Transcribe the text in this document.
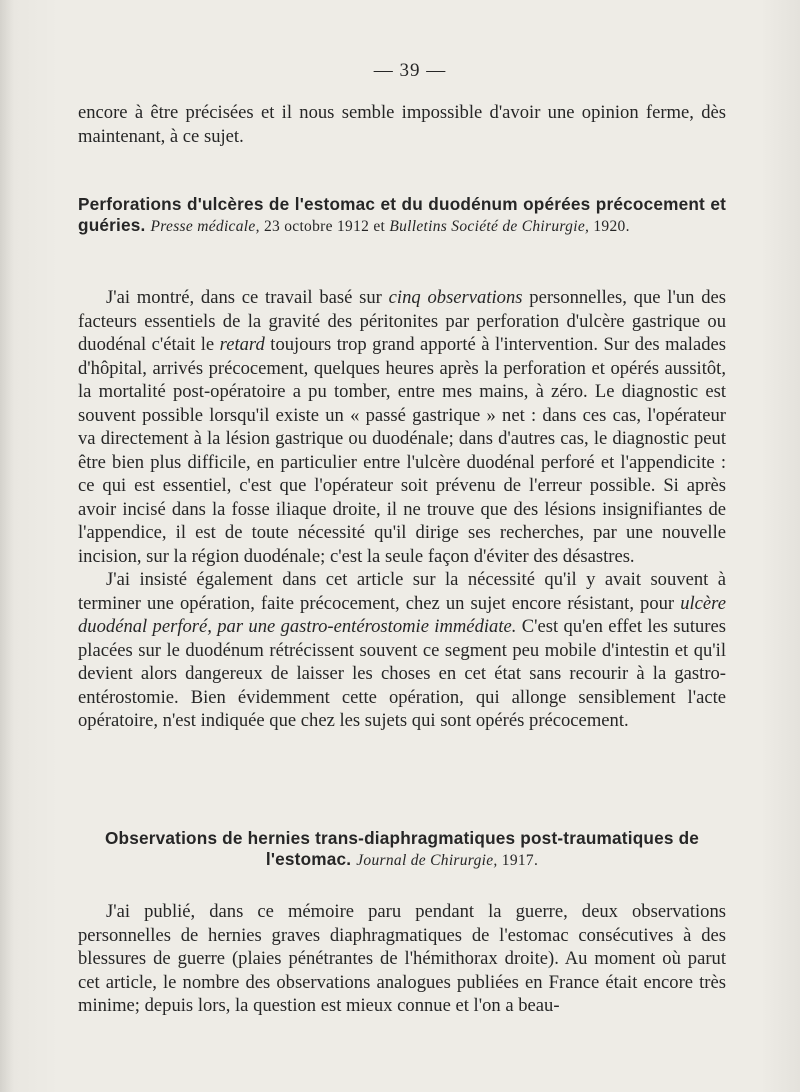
— 39 —

encore à être précisées et il nous semble impossible d'avoir une opinion ferme, dès maintenant, à ce sujet.

Perforations d'ulcères de l'estomac et du duodénum opérées précocement et guéries. Presse médicale, 23 octobre 1912 et Bulletins Société de Chirurgie, 1920.

J'ai montré, dans ce travail basé sur cinq observations personnelles, que l'un des facteurs essentiels de la gravité des péritonites par perforation d'ulcère gastrique ou duodénal c'était le retard toujours trop grand apporté à l'intervention. Sur des malades d'hôpital, arrivés précocement, quelques heures après la perforation et opérés aussitôt, la mortalité post-opératoire a pu tomber, entre mes mains, à zéro. Le diagnostic est souvent possible lorsqu'il existe un « passé gastrique » net : dans ces cas, l'opérateur va directement à la lésion gastrique ou duodénale; dans d'autres cas, le diagnostic peut être bien plus difficile, en particulier entre l'ulcère duodénal perforé et l'appendicite : ce qui est essentiel, c'est que l'opérateur soit prévenu de l'erreur possible. Si après avoir incisé dans la fosse iliaque droite, il ne trouve que des lésions insignifiantes de l'appendice, il est de toute nécessité qu'il dirige ses recherches, par une nouvelle incision, sur la région duodénale; c'est la seule façon d'éviter des désastres.

J'ai insisté également dans cet article sur la nécessité qu'il y avait souvent à terminer une opération, faite précocement, chez un sujet encore résistant, pour ulcère duodénal perforé, par une gastro-entérostomie immédiate. C'est qu'en effet les sutures placées sur le duodénum rétrécissent souvent ce segment peu mobile d'intestin et qu'il devient alors dangereux de laisser les choses en cet état sans recourir à la gastro-entérostomie. Bien évidemment cette opération, qui allonge sensiblement l'acte opératoire, n'est indiquée que chez les sujets qui sont opérés précocement.

Observations de hernies trans-diaphragmatiques post-traumatiques de l'estomac. Journal de Chirurgie, 1917.

J'ai publié, dans ce mémoire paru pendant la guerre, deux observations personnelles de hernies graves diaphragmatiques de l'estomac consécutives à des blessures de guerre (plaies pénétrantes de l'hémithorax droite). Au moment où parut cet article, le nombre des observations analogues publiées en France était encore très minime; depuis lors, la question est mieux connue et l'on a beau-
